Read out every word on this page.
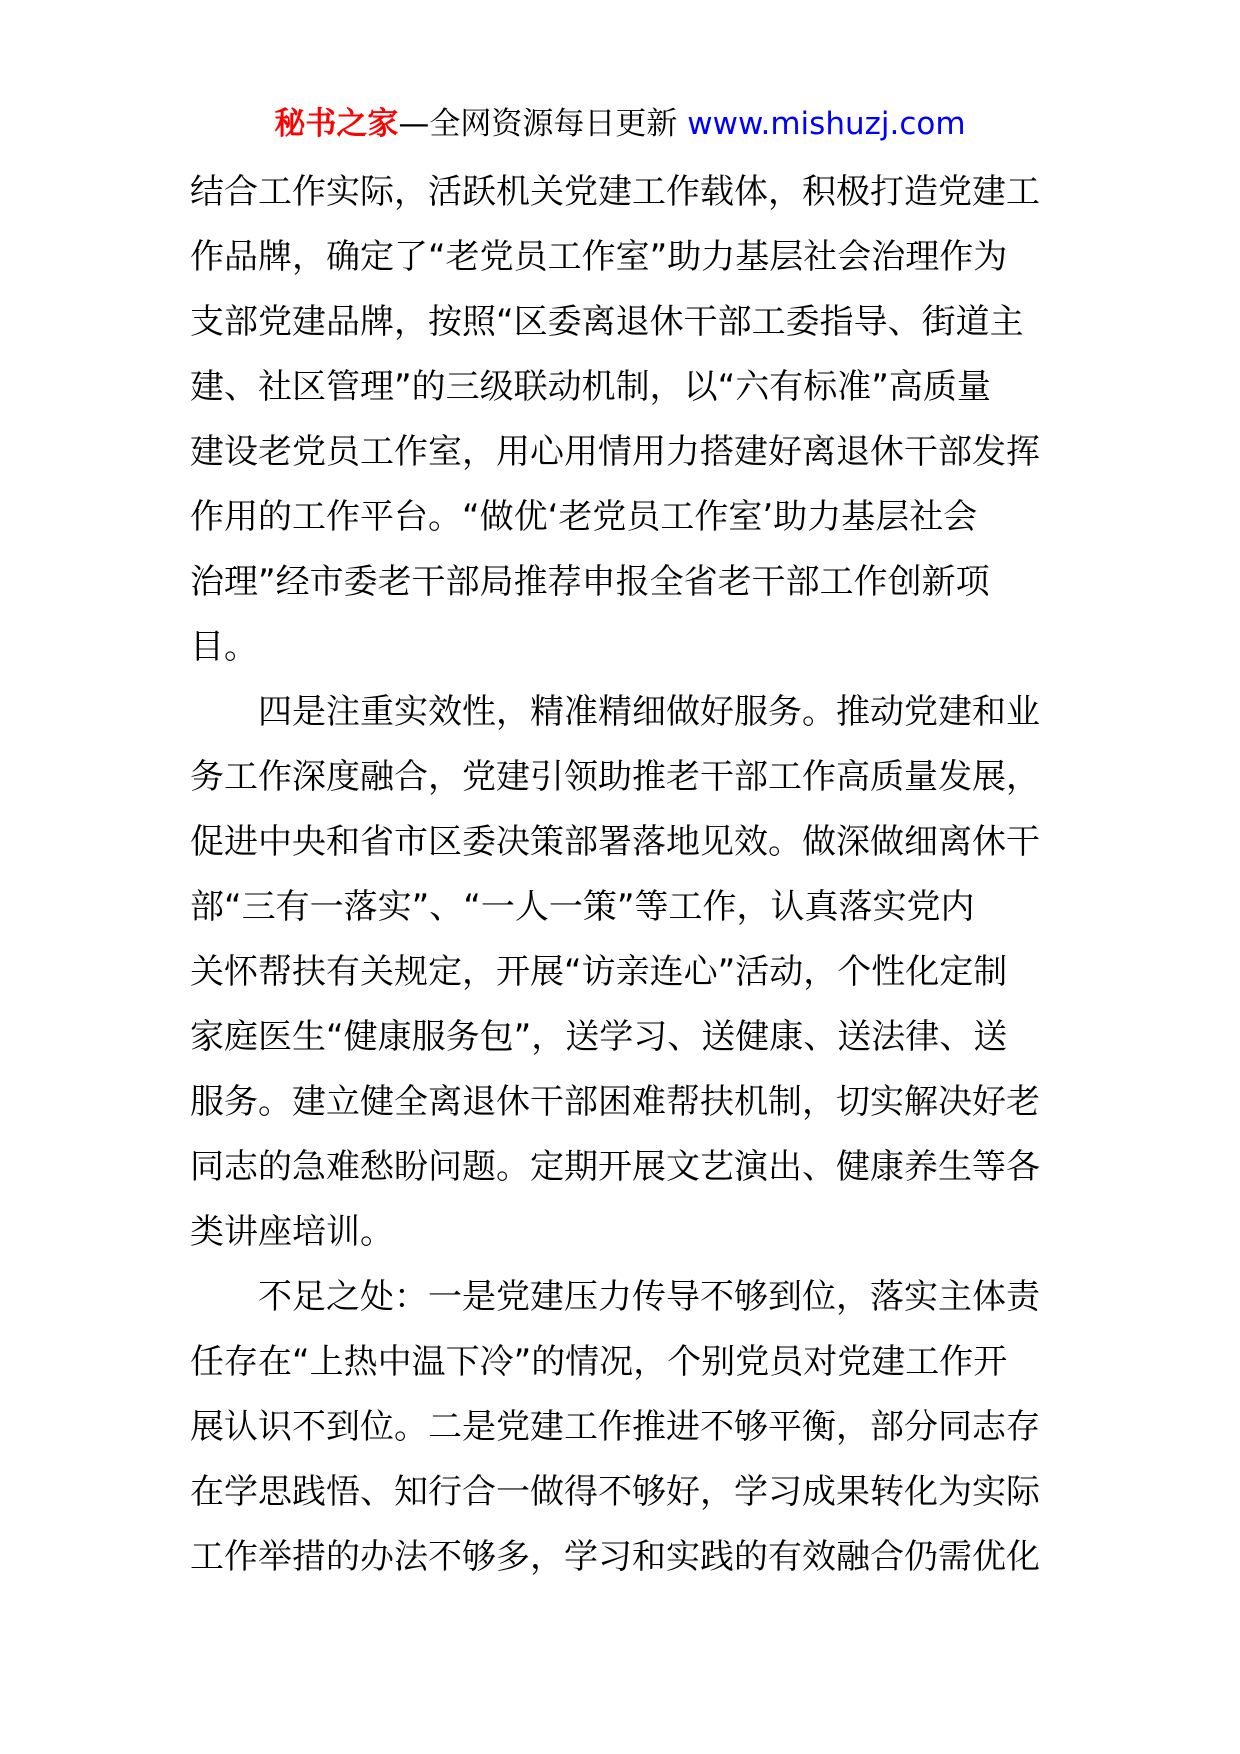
秘书之家—全网资源每日更新 www.mishuzj.com
结合工作实际，活跃机关党建工作载体，积极打造党建工
作品牌，确定了“老党员工作室”助力基层社会治理作为
支部党建品牌，按照“区委离退休干部工委指导、街道主
建、社区管理”的三级联动机制，以“六有标准”高质量
建设老党员工作室，用心用情用力搭建好离退休干部发挥
作用的工作平台。“做优‘老党员工作室’助力基层社会
治理”经市委老干部局推荐申报全省老干部工作创新项
目。
四是注重实效性，精准精细做好服务。推动党建和业
务工作深度融合，党建引领助推老干部工作高质量发展，
促进中央和省市区委决策部署落地见效。做深做细离休干
部“三有一落实”、“一人一策”等工作，认真落实党内
关怀帮扶有关规定，开展“访亲连心”活动，个性化定制
家庭医生“健康服务包”，送学习、送健康、送法律、送
服务。建立健全离退休干部困难帮扶机制，切实解决好老
同志的急难愁盼问题。定期开展文艺演出、健康养生等各
类讲座培训。
不足之处：一是党建压力传导不够到位，落实主体责
任存在“上热中温下冷”的情况，个别党员对党建工作开
展认识不到位。二是党建工作推进不够平衡，部分同志存
在学思践悟、知行合一做得不够好，学习成果转化为实际
工作举措的办法不够多，学习和实践的有效融合仍需优化
